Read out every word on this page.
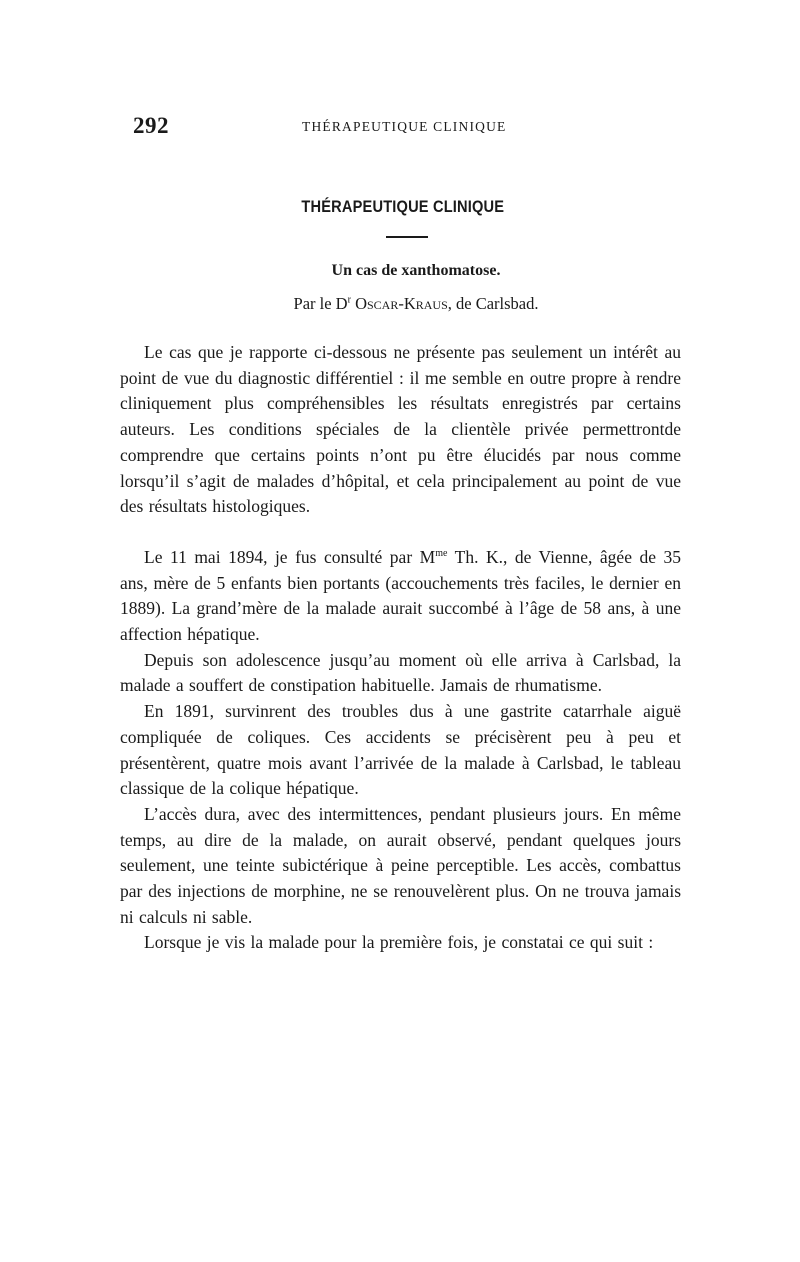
292	THÉRAPEUTIQUE CLINIQUE
THÉRAPEUTIQUE CLINIQUE
Un cas de xanthomatose.
Par le $D^r$ Oscar-Kraus, de Carlsbad.

Le cas que je rapporte ci-dessous ne présente pas seulement un intérêt au point de vue du diagnostic différentiel : il me semble en outre propre à rendre cliniquement plus compréhensibles les résultats enregistrés par certains auteurs. Les conditions spéciales de la clientèle privée permettrontde comprendre que certains points n’ont pu être élucidés par nous comme lorsqu’il s’agit de malades d’hôpital, et cela principalement au point de vue des résultats histologiques.

Le 11 mai 1894, je fus consulté par $M^{me}$ Th. K., de Vienne, âgée de 35 ans, mère de 5 enfants bien portants (accouchements très faciles, le dernier en 1889). La grand’mère de la malade aurait succombé à l’âge de 58 ans, à une affection hépatique.

Depuis son adolescence jusqu’au moment où elle arriva à Carlsbad, la malade a souffert de constipation habituelle. Jamais de rhumatisme.

En 1891, survinrent des troubles dus à une gastrite catarrhale aiguë compliquée de coliques. Ces accidents se précisèrent peu à peu et présentèrent, quatre mois avant l’arrivée de la malade à Carlsbad, le tableau classique de la colique hépatique.

L’accès dura, avec des intermittences, pendant plusieurs jours. En même temps, au dire de la malade, on aurait observé, pendant quelques jours seulement, une teinte subictérique à peine perceptible. Les accès, combattus par des injections de morphine, ne se renouvelèrent plus. On ne trouva jamais ni calculs ni sable.

Lorsque je vis la malade pour la première fois, je constatai ce qui suit :
